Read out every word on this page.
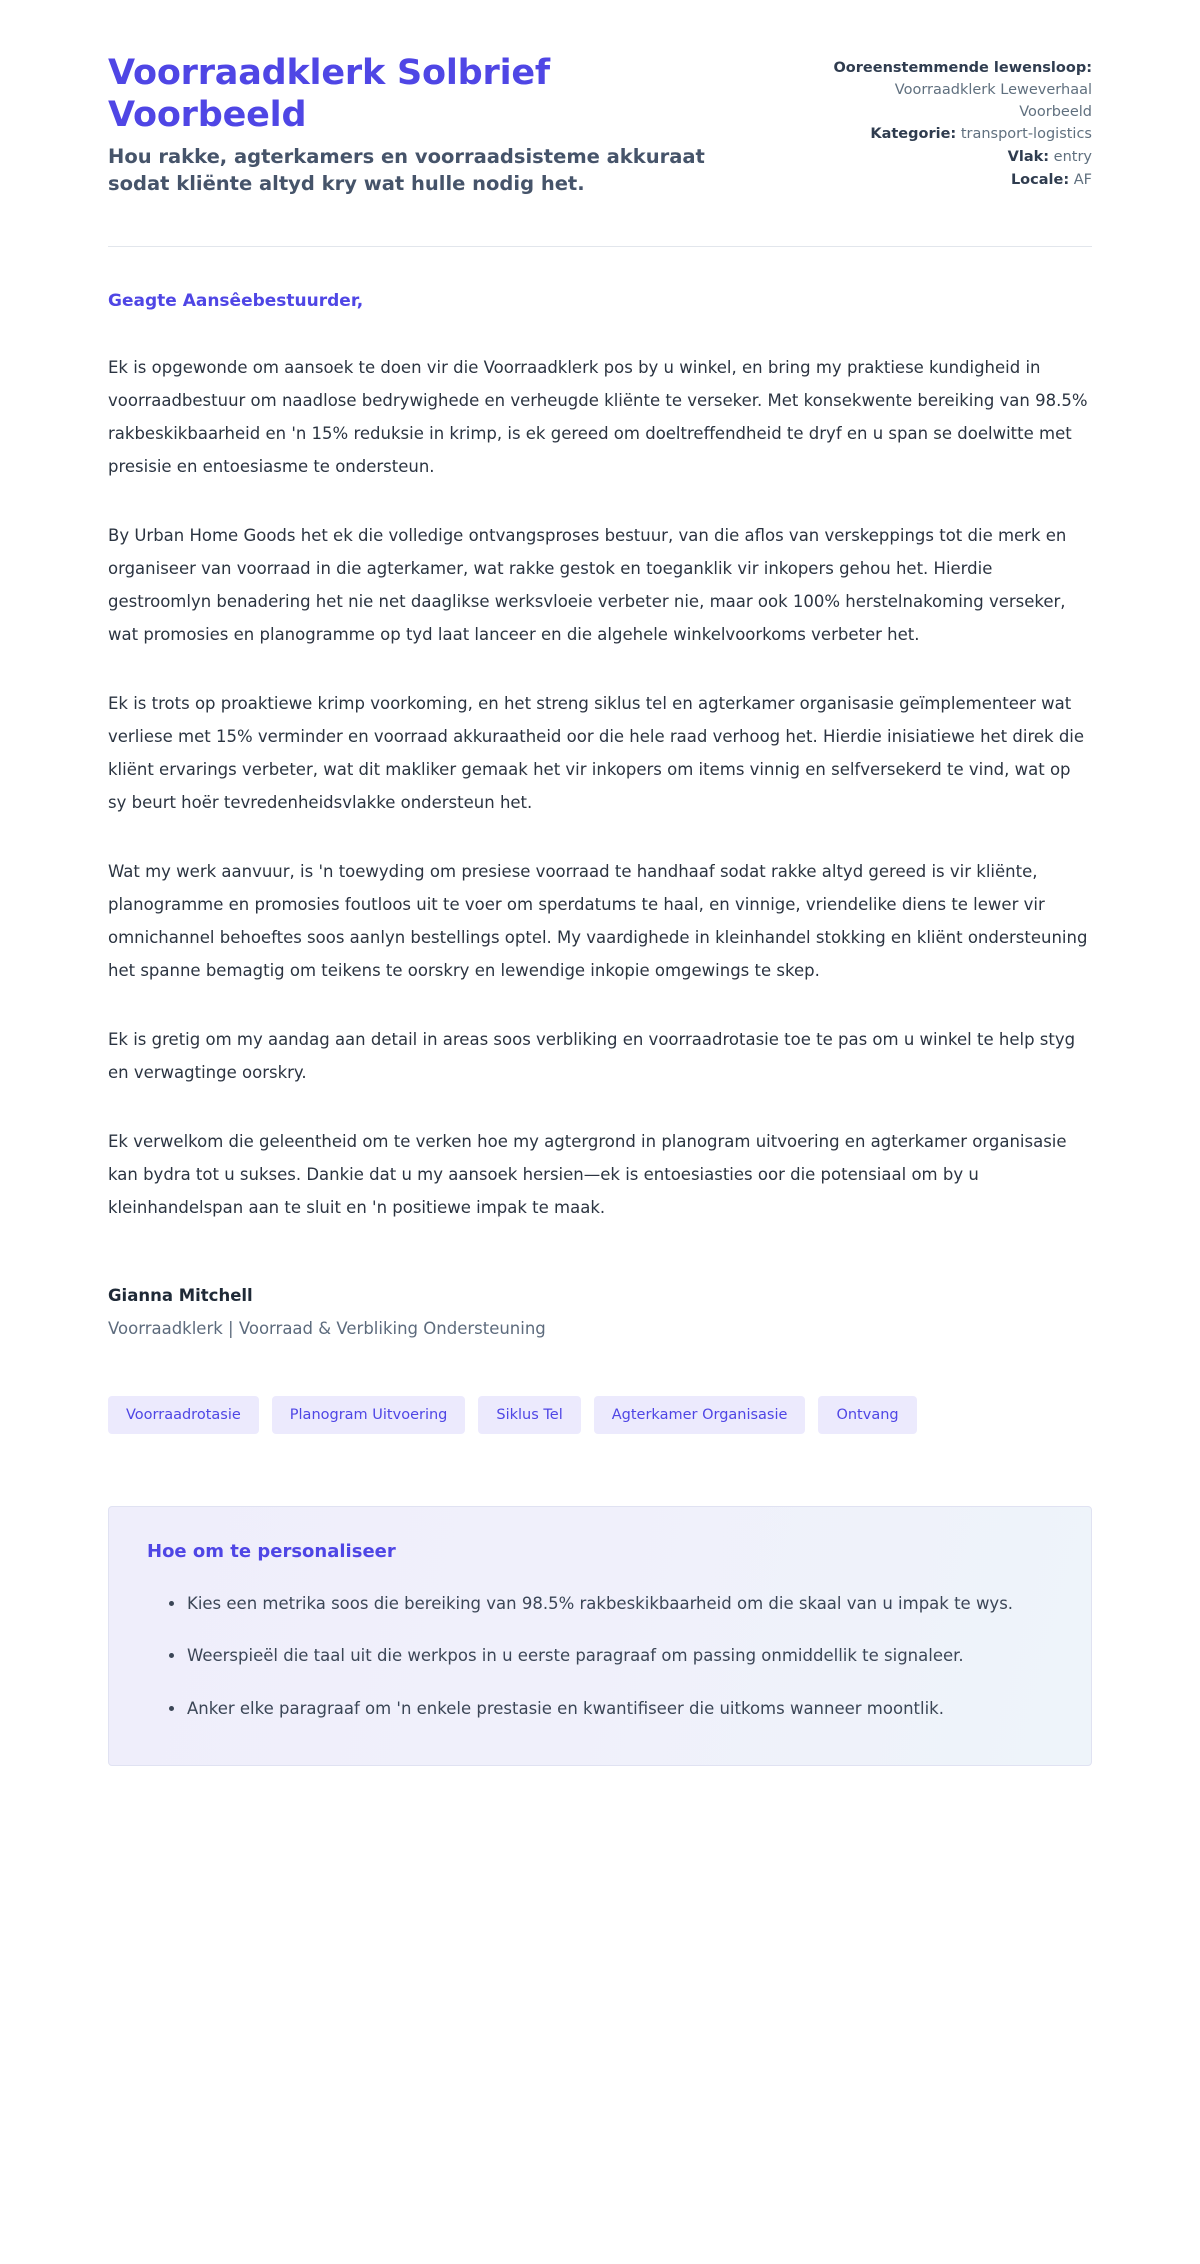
Voorraadklerk Solbrief Voorbeeld

Hou rakke, agterkamers en voorraadsisteme akkuraat sodat kliënte altyd kry wat hulle nodig het.

Ooreenstemmende lewensloop: Voorraadklerk Leweverhaal Voorbeeld
Kategorie: transport-logistics
Vlak: entry
Locale: AF

Geagte Aansêebestuurder,

Ek is opgewonde om aansoek te doen vir die Voorraadklerk pos by u winkel, en bring my praktiese kundigheid in voorraadbestuur om naadlose bedrywighede en verheugde kliënte te verseker. Met konsekwente bereiking van 98.5% rakbeskikbaarheid en 'n 15% reduksie in krimp, is ek gereed om doeltreffendheid te dryf en u span se doelwitte met presisie en entoesiasme te ondersteun.

By Urban Home Goods het ek die volledige ontvangsproses bestuur, van die aflos van verskeppings tot die merk en organiseer van voorraad in die agterkamer, wat rakke gestok en toeganklik vir inkopers gehou het. Hierdie gestroomlyn benadering het nie net daaglikse werksvloeie verbeter nie, maar ook 100% herstelnakoming verseker, wat promosies en planogramme op tyd laat lanceer en die algehele winkelvoorkoms verbeter het.

Ek is trots op proaktiewe krimp voorkoming, en het streng siklus tel en agterkamer organisasie geïmplementeer wat verliese met 15% verminder en voorraad akkuraatheid oor die hele raad verhoog het. Hierdie inisiatiewe het direk die kliënt ervarings verbeter, wat dit makliker gemaak het vir inkopers om items vinnig en selfversekerd te vind, wat op sy beurt hoër tevredenheidsvlakke ondersteun het.

Wat my werk aanvuur, is 'n toewyding om presiese voorraad te handhaaf sodat rakke altyd gereed is vir kliënte, planogramme en promosies foutloos uit te voer om sperdatums te haal, en vinnige, vriendelike diens te lewer vir omnichannel behoeftes soos aanlyn bestellings optel. My vaardighede in kleinhandel stokking en kliënt ondersteuning het spanne bemagtig om teikens te oorskry en lewendige inkopie omgewings te skep.

Ek is gretig om my aandag aan detail in areas soos verbliking en voorraadrotasie toe te pas om u winkel te help styg en verwagtinge oorskry.

Ek verwelkom die geleentheid om te verken hoe my agtergrond in planogram uitvoering en agterkamer organisasie kan bydra tot u sukses. Dankie dat u my aansoek hersien—ek is entoesiasties oor die potensiaal om by u kleinhandelspan aan te sluit en 'n positiewe impak te maak.

Gianna Mitchell

Voorraadklerk | Voorraad & Verbliking Ondersteuning

Voorraadrotasie	Planogram Uitvoering	Siklus Tel	Agterkamer Organisasie	Ontvang
Hoe om te personaliseer
Kies een metrika soos die bereiking van 98.5% rakbeskikbaarheid om die skaal van u impak te wys.
Weerspieël die taal uit die werkpos in u eerste paragraaf om passing onmiddellik te signaleer.
Anker elke paragraaf om 'n enkele prestasie en kwantifiseer die uitkoms wanneer moontlik.
